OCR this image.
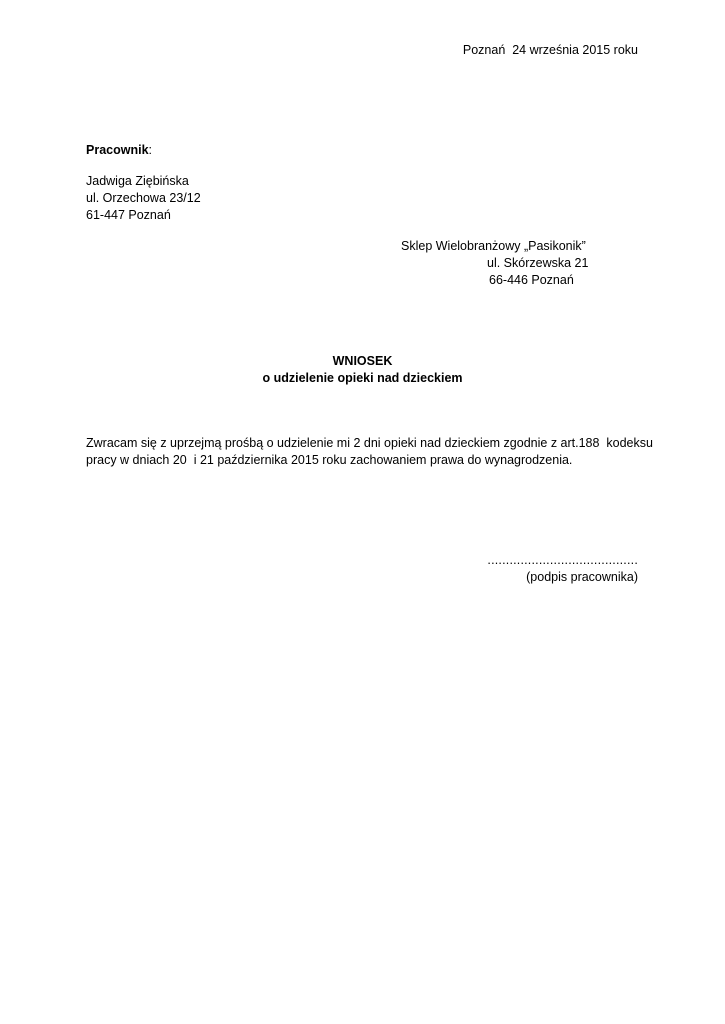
Poznań  24 września 2015 roku
Pracownik:
Jadwiga Ziębińska
ul. Orzechowa 23/12
61-447 Poznań
Sklep Wielobranżowy „Pasikonik”
ul. Skórzewska 21
66-446 Poznań
WNIOSEK
o udzielenie opieki nad dzieckiem
Zwracam się z uprzejmą prośbą o udzielenie mi 2 dni opieki nad dzieckiem zgodnie z art.188  kodeksu
pracy w dniach 20  i 21 października 2015 roku zachowaniem prawa do wynagrodzenia.
.........................................
(podpis pracownika)
